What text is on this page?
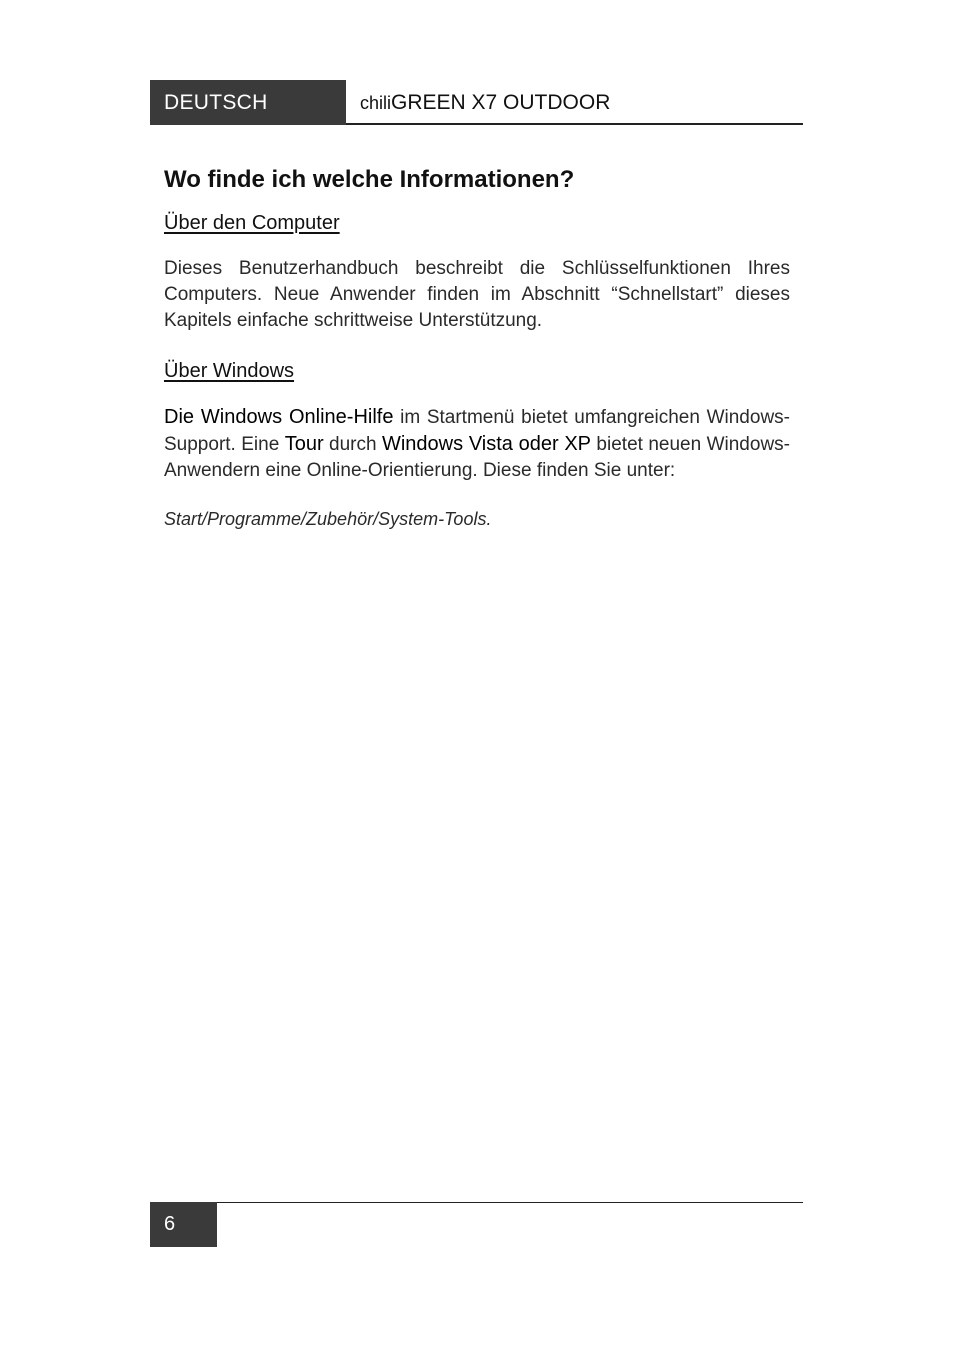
DEUTSCH	chiliGREEN X7 OUTDOOR
Wo finde ich welche Informationen?
Über den Computer

Dieses Benutzerhandbuch beschreibt die Schlüsselfunktionen Ihres Computers. Neue Anwender finden im Abschnitt “Schnellstart” dieses Kapitels einfache schrittweise Unterstützung.

Über Windows

Die Windows Online-Hilfe im Startmenü bietet umfangreichen Windows-Support. Eine Tour durch Windows Vista oder XP bietet neuen Windows-Anwendern eine Online-Orientierung. Diese finden Sie unter:

Start/Programme/Zubehör/System-Tools.

6
